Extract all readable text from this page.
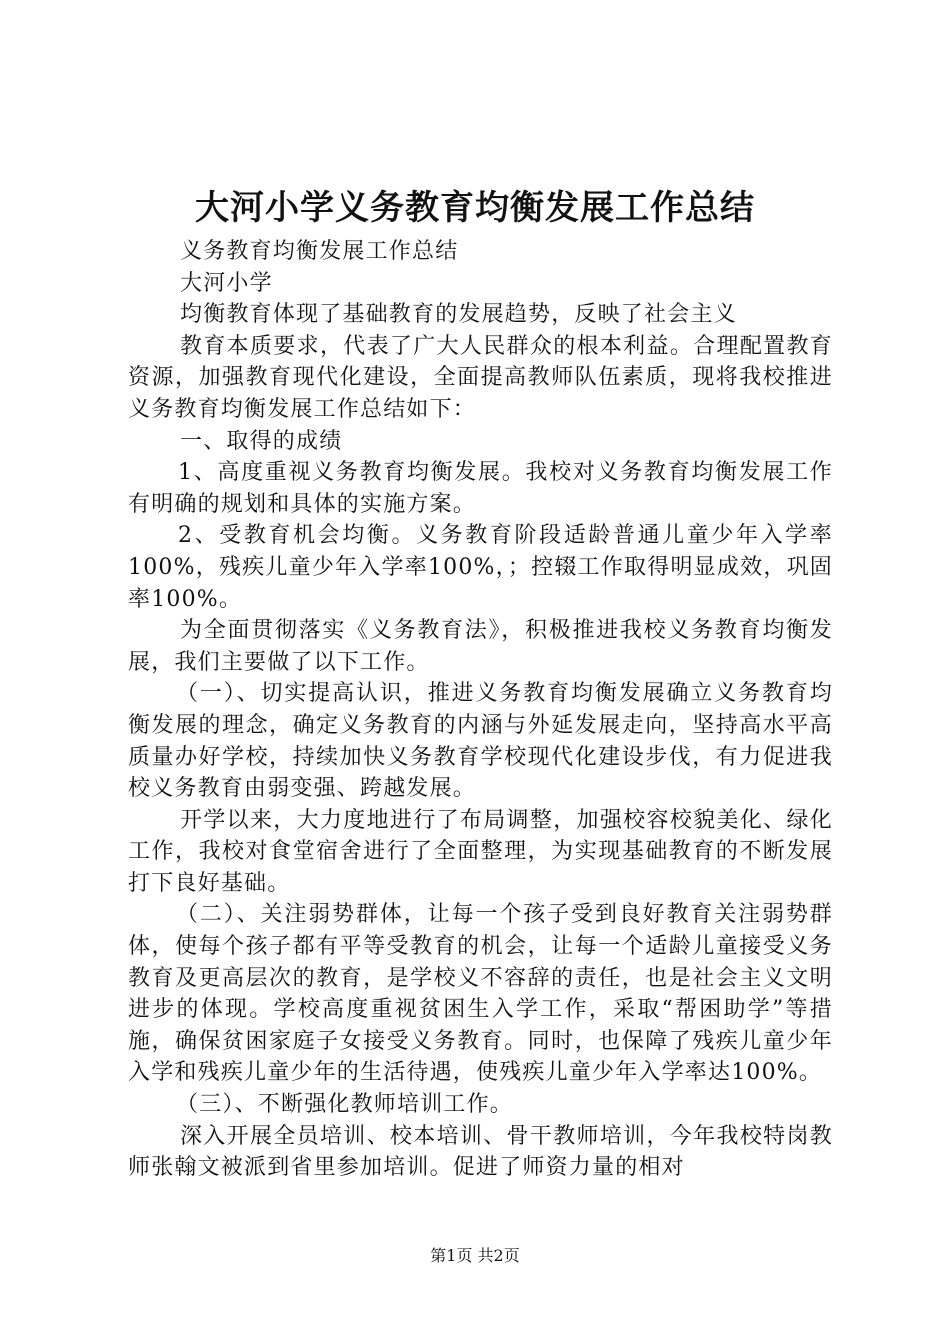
大河小学义务教育均衡发展工作总结

义务教育均衡发展工作总结

大河小学

均衡教育体现了基础教育的发展趋势，反映了社会主义

教育本质要求，代表了广大人民群众的根本利益。合理配置教育资源，加强教育现代化建设，全面提高教师队伍素质，现将我校推进义务教育均衡发展工作总结如下：

一、取得的成绩

1、高度重视义务教育均衡发展。我校对义务教育均衡发展工作有明确的规划和具体的实施方案。

2、受教育机会均衡。义务教育阶段适龄普通儿童少年入学率100%，残疾儿童少年入学率100%，；控辍工作取得明显成效，巩固率100%。

为全面贯彻落实《义务教育法》，积极推进我校义务教育均衡发展，我们主要做了以下工作。

（一）、切实提高认识，推进义务教育均衡发展确立义务教育均衡发展的理念，确定义务教育的内涵与外延发展走向，坚持高水平高质量办好学校，持续加快义务教育学校现代化建设步伐，有力促进我校义务教育由弱变强、跨越发展。

开学以来，大力度地进行了布局调整，加强校容校貌美化、绿化工作，我校对食堂宿舍进行了全面整理，为实现基础教育的不断发展打下良好基础。

（二）、关注弱势群体，让每一个孩子受到良好教育关注弱势群体，使每个孩子都有平等受教育的机会，让每一个适龄儿童接受义务教育及更高层次的教育，是学校义不容辞的责任，也是社会主义文明进步的体现。学校高度重视贫困生入学工作，采取“帮困助学”等措施，确保贫困家庭子女接受义务教育。同时，也保障了残疾儿童少年入学和残疾儿童少年的生活待遇，使残疾儿童少年入学率达100%。

（三）、不断强化教师培训工作。

深入开展全员培训、校本培训、骨干教师培训，今年我校特岗教师张翰文被派到省里参加培训。促进了师资力量的相对

第1页 共2页
